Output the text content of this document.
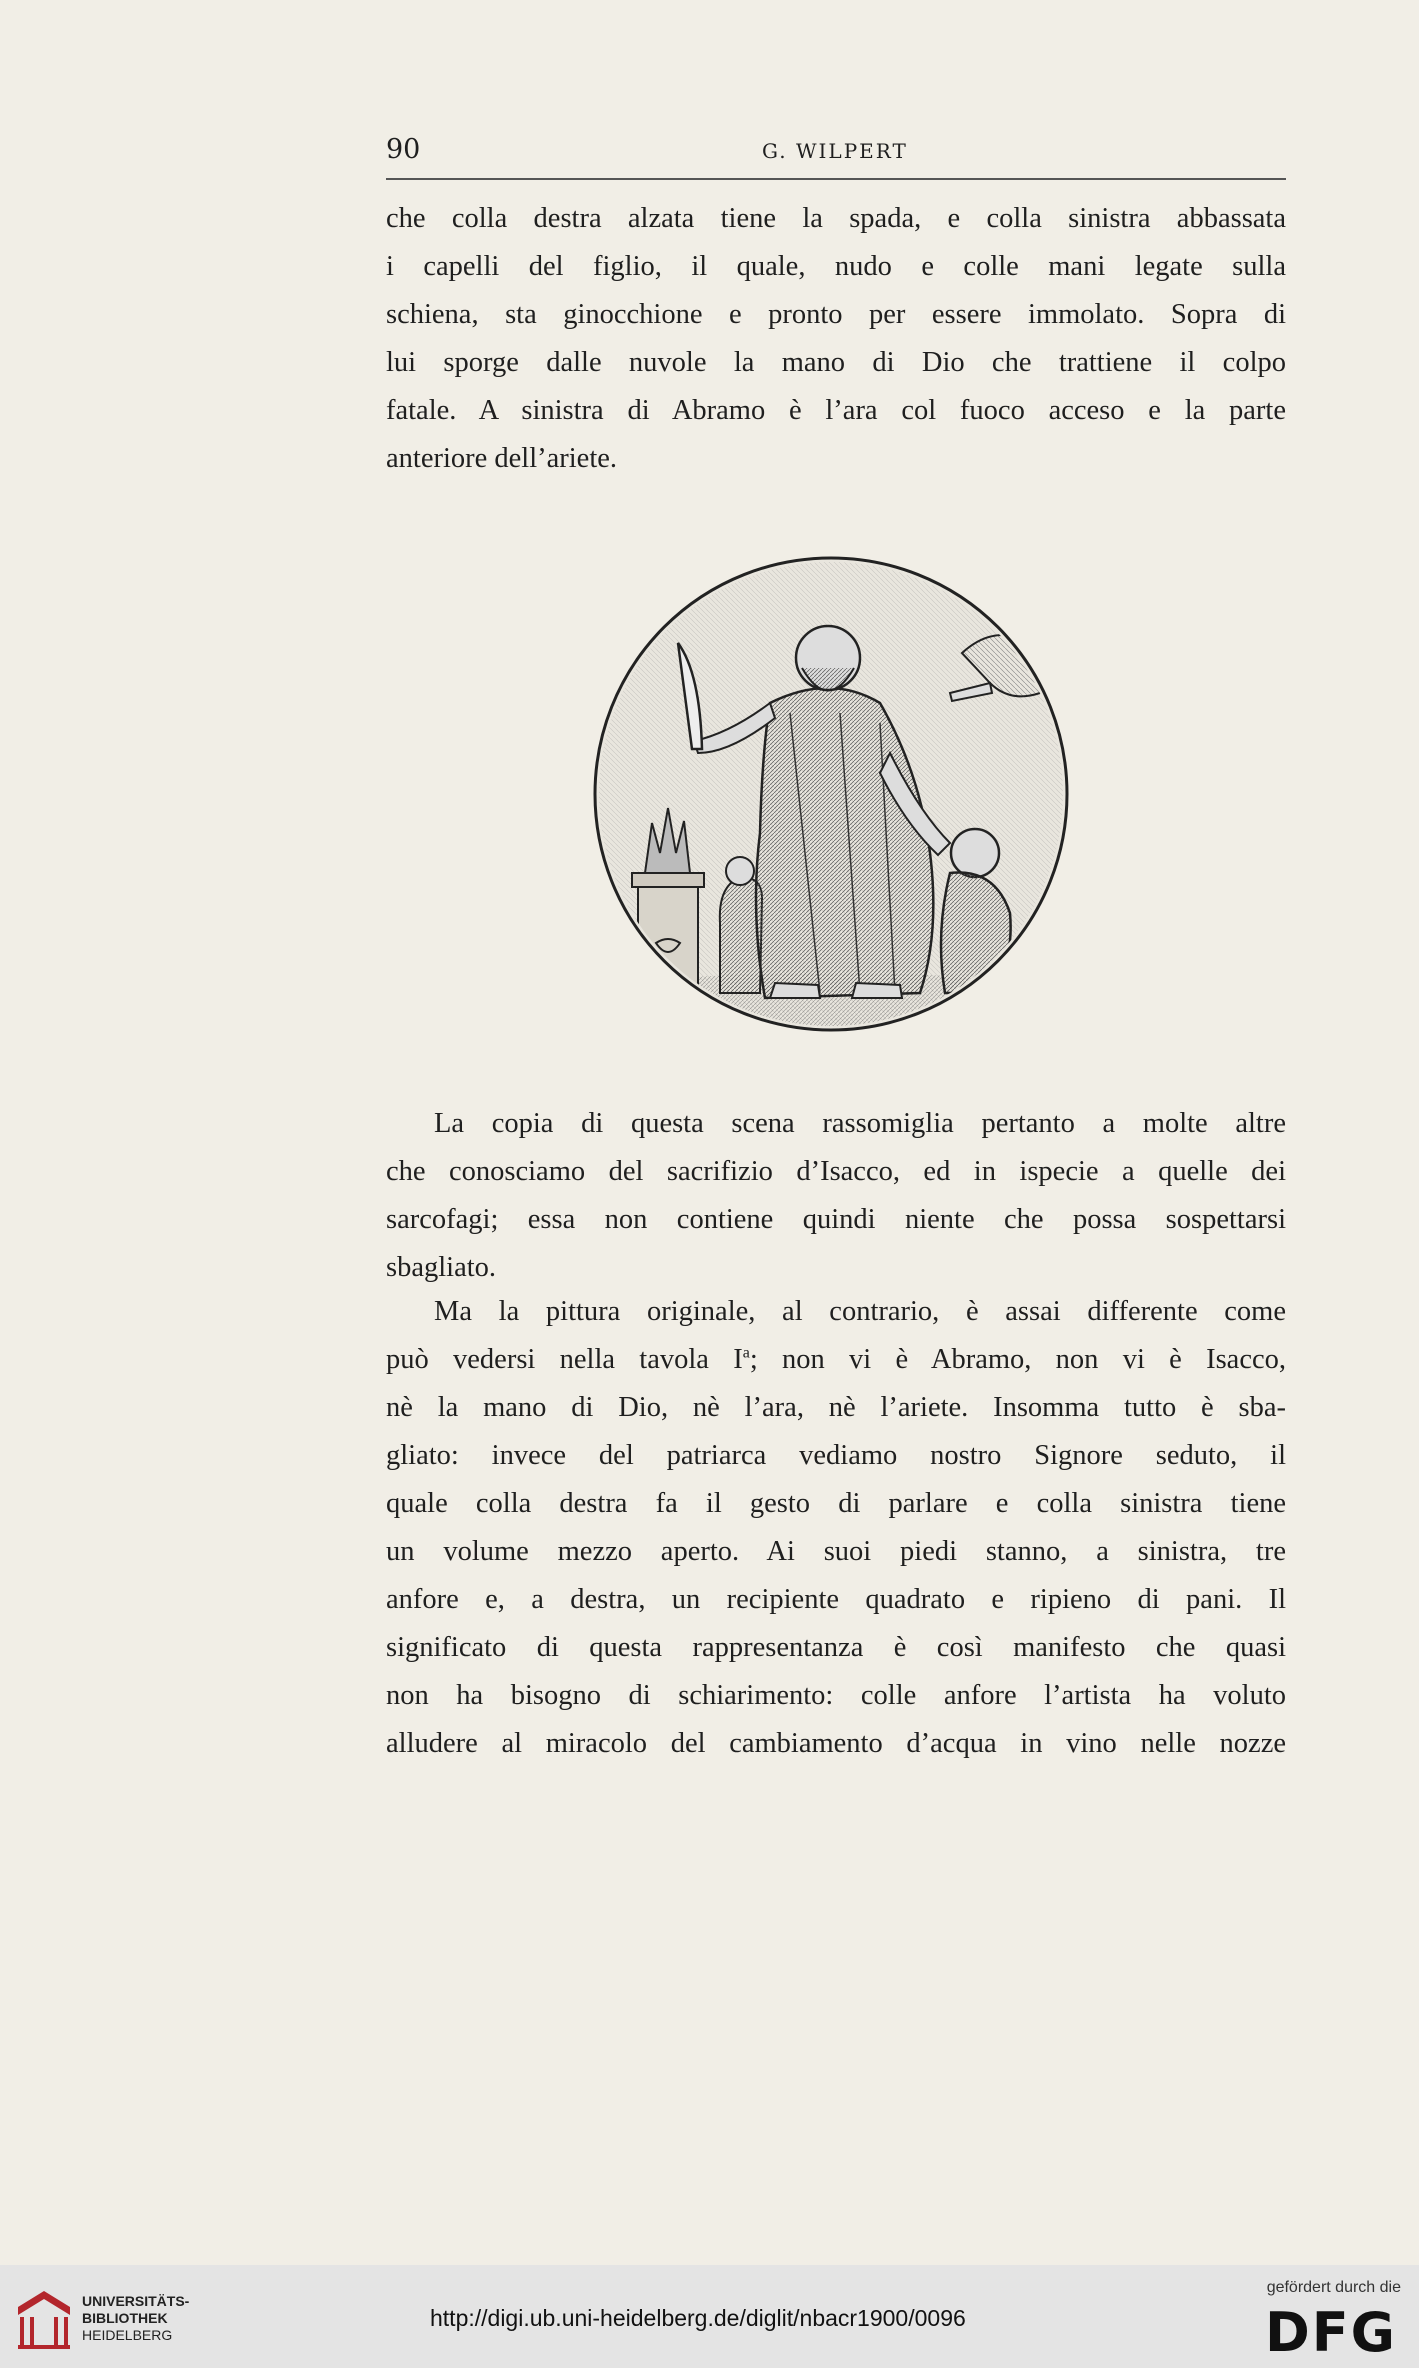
90	G. WILPERT

che colla destra alzata tiene la spada, e colla sinistra abbassata
i capelli del figlio, il quale, nudo e colle mani legate sulla
schiena, sta ginocchione e pronto per essere immolato. Sopra di
lui sporge dalle nuvole la mano di Dio che trattiene il colpo
fatale. A sinistra di Abramo è l’ara col fuoco acceso e la parte
anteriore dell’ariete.

La copia di questa scena rassomiglia pertanto a molte altre
che conosciamo del sacrifizio d’Isacco, ed in ispecie a quelle dei
sarcofagi; essa non contiene quindi niente che possa sospettarsi
sbagliato.

Ma la pittura originale, al contrario, è assai differente come
può vedersi nella tavola $I^a$; non vi è Abramo, non vi è Isacco,
nè la mano di Dio, nè l’ara, nè l’ariete. Insomma tutto è sba-
gliato: invece del patriarca vediamo nostro Signore seduto, il
quale colla destra fa il gesto di parlare e colla sinistra tiene
un volume mezzo aperto. Ai suoi piedi stanno, a sinistra, tre
anfore e, a destra, un recipiente quadrato e ripieno di pani. Il
significato di questa rappresentanza è così manifesto che quasi
non ha bisogno di schiarimento: colle anfore l’artista ha voluto
alludere al miracolo del cambiamento d’acqua in vino nelle nozze

UNIVERSITÄTS-
BIBLIOTHEK
HEIDELBERG
http://digi.ub.uni-heidelberg.de/diglit/nbacr1900/0096
gefördert durch die
DFG
